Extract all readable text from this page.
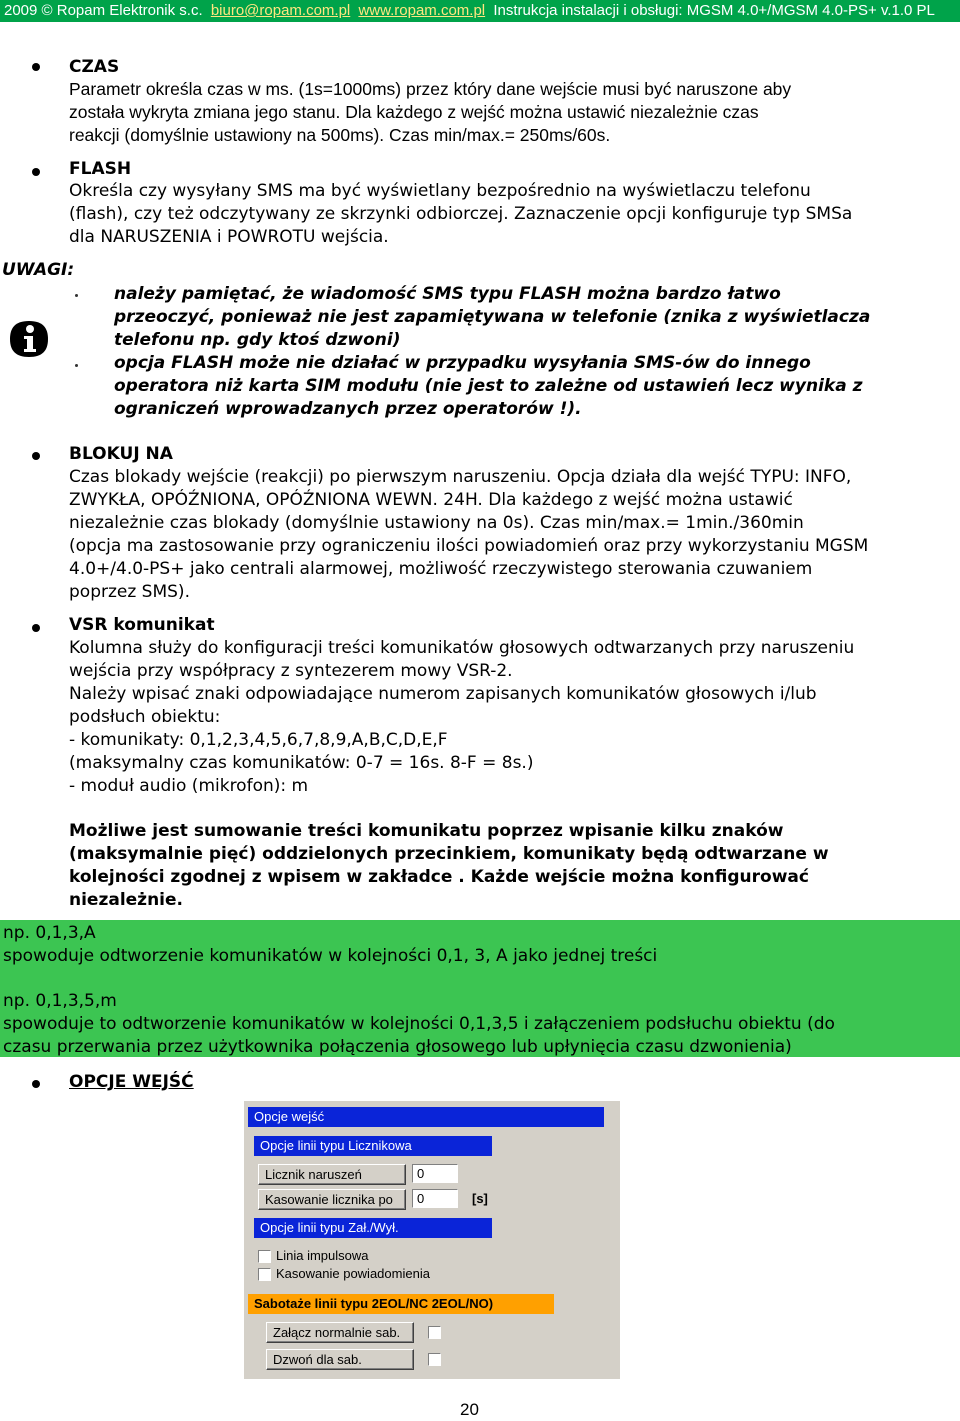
2009 © Ropam Elektronik s.c. biuro@ropam.com.pl www.ropam.com.pl Instrukcja instalacji i obsługi: MGSM 4.0+/MGSM 4.0-PS+ v.1.0 PL
CZAS
Parametr określa czas w ms. (1s=1000ms) przez który dane wejście musi być naruszone aby
została wykryta zmiana jego stanu. Dla każdego z wejść można ustawić niezależnie czas
reakcji (domyślnie ustawiony na 500ms). Czas min/max.= 250ms/60s.
FLASH
Określa czy wysyłany SMS ma być wyświetlany bezpośrednio na wyświetlaczu telefonu
(flash), czy też odczytywany ze skrzynki odbiorczej. Zaznaczenie opcji konfiguruje typ SMSa
dla NARUSZENIA i POWROTU wejścia.
UWAGI:
należy pamiętać, że wiadomość SMS typu FLASH można bardzo łatwo
przeoczyć, ponieważ nie jest zapamiętywana w telefonie (znika z wyświetlacza
telefonu np. gdy ktoś dzwoni)
opcja FLASH może nie działać w przypadku wysyłania SMS-ów do innego
operatora niż karta SIM modułu (nie jest to zależne od ustawień lecz wynika z
ograniczeń wprowadzanych przez operatorów !).
BLOKUJ NA
Czas blokady wejście (reakcji) po pierwszym naruszeniu. Opcja działa dla wejść TYPU: INFO,
ZWYKŁA, OPÓŹNIONA, OPÓŹNIONA WEWN. 24H. Dla każdego z wejść można ustawić
niezależnie czas blokady (domyślnie ustawiony na 0s). Czas min/max.= 1min./360min
(opcja ma zastosowanie przy ograniczeniu ilości powiadomień oraz przy wykorzystaniu MGSM
4.0+/4.0-PS+ jako centrali alarmowej, możliwość rzeczywistego sterowania czuwaniem
poprzez SMS).
VSR komunikat
Kolumna służy do konfiguracji treści komunikatów głosowych odtwarzanych przy naruszeniu
wejścia przy współpracy z syntezerem mowy VSR-2.
Należy wpisać znaki odpowiadające numerom zapisanych komunikatów głosowych i/lub
podsłuch obiektu:
- komunikaty: 0,1,2,3,4,5,6,7,8,9,A,B,C,D,E,F
(maksymalny czas komunikatów: 0-7 = 16s. 8-F = 8s.)
- moduł audio (mikrofon): m
Możliwe jest sumowanie treści komunikatu poprzez wpisanie kilku znaków
(maksymalnie pięć) oddzielonych przecinkiem, komunikaty będą odtwarzane w
kolejności zgodnej z wpisem w zakładce . Każde wejście można konfigurować
niezależnie.
np. 0,1,3,A
spowoduje odtworzenie komunikatów w kolejności 0,1, 3, A jako jednej treści
np. 0,1,3,5,m
spowoduje to odtworzenie komunikatów w kolejności 0,1,3,5 i załączeniem podsłuchu obiektu (do
czasu przerwania przez użytkownika połączenia głosowego lub upłynięcia czasu dzwonienia)
OPCJE WEJŚĆ
Opcje wejść
Opcje linii typu Licznikowa
Licznik naruszeń	0
Kasowanie licznika po	0	[s]
Opcje linii typu Zał./Wył.
Linia impulsowa
Kasowanie powiadomienia
Sabotaże linii typu 2EOL/NC 2EOL/NO)
Załącz normalnie sab.
Dzwoń dla sab.
20
